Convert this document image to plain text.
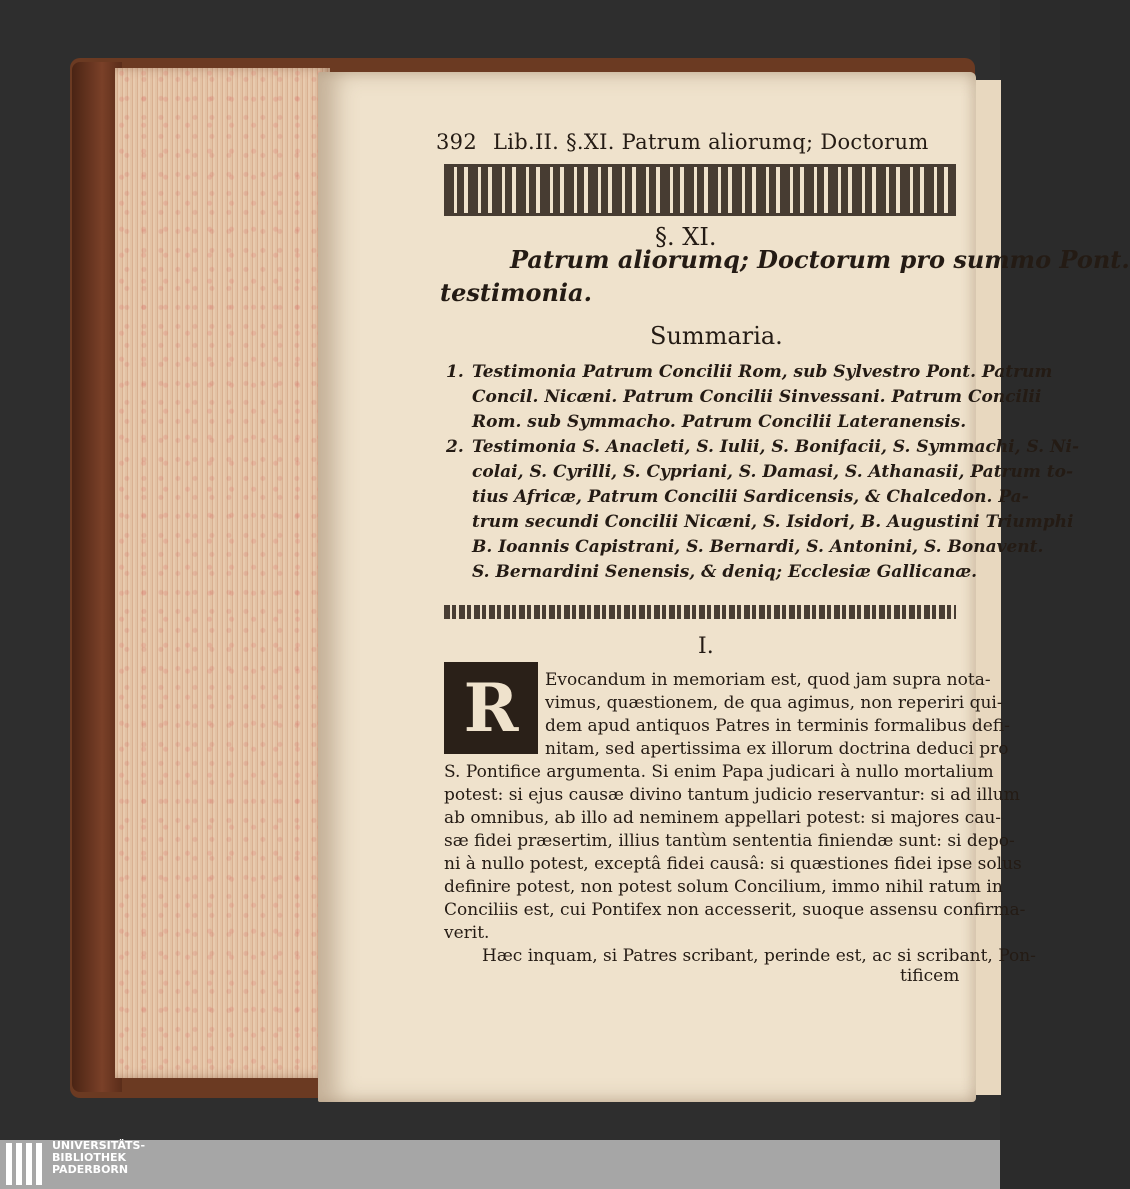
392 Lib.II. §.XI. Patrum aliorumq; Doctorum
§. XI.
Patrum aliorumq; Doctorum pro summo Pont.
testimonia.
Summaria.
1. Testimonia Patrum Concilii Rom, sub Sylvestro Pont. Patrum
Concil. Nicæni. Patrum Concilii Sinvessani. Patrum Concilii
Rom. sub Symmacho. Patrum Concilii Lateranensis.
2. Testimonia S. Anacleti, S. Iulii, S. Bonifacii, S. Symmachi, S. Ni-
colai, S. Cyrilli, S. Cypriani, S. Damasi, S. Athanasii, Patrum to-
tius Africæ, Patrum Concilii Sardicensis, & Chalcedon. Pa-
trum secundi Concilii Nicæni, S. Isidori, B. Augustini Triumphi
B. Ioannis Capistrani, S. Bernardi, S. Antonini, S. Bonavent.
S. Bernardini Senensis, & deniq; Ecclesiæ Gallicanæ.
I.
R Evocandum in memoriam est, quod jam supra nota-
vimus, quæstionem, de qua agimus, non reperiri qui-
dem apud antiquos Patres in terminis formalibus defi-
nitam, sed apertissima ex illorum doctrina deduci pro
S. Pontifice argumenta. Si enim Papa judicari à nullo mortalium
potest: si ejus causæ divino tantum judicio reservantur: si ad illum
ab omnibus, ab illo ad neminem appellari potest: si majores cau-
sæ fidei præsertim, illius tantùm sententia finiendæ sunt: si depo-
ni à nullo potest, exceptâ fidei causâ: si quæstiones fidei ipse solus
definire potest, non potest solum Concilium, immo nihil ratum in
Conciliis est, cui Pontifex non accesserit, suoque assensu confirma-
verit.
Hæc inquam, si Patres scribant, perinde est, ac si scribant, Pon-
tificem
UNIVERSITÄTS-
BIBLIOTHEK
PADERBORN
